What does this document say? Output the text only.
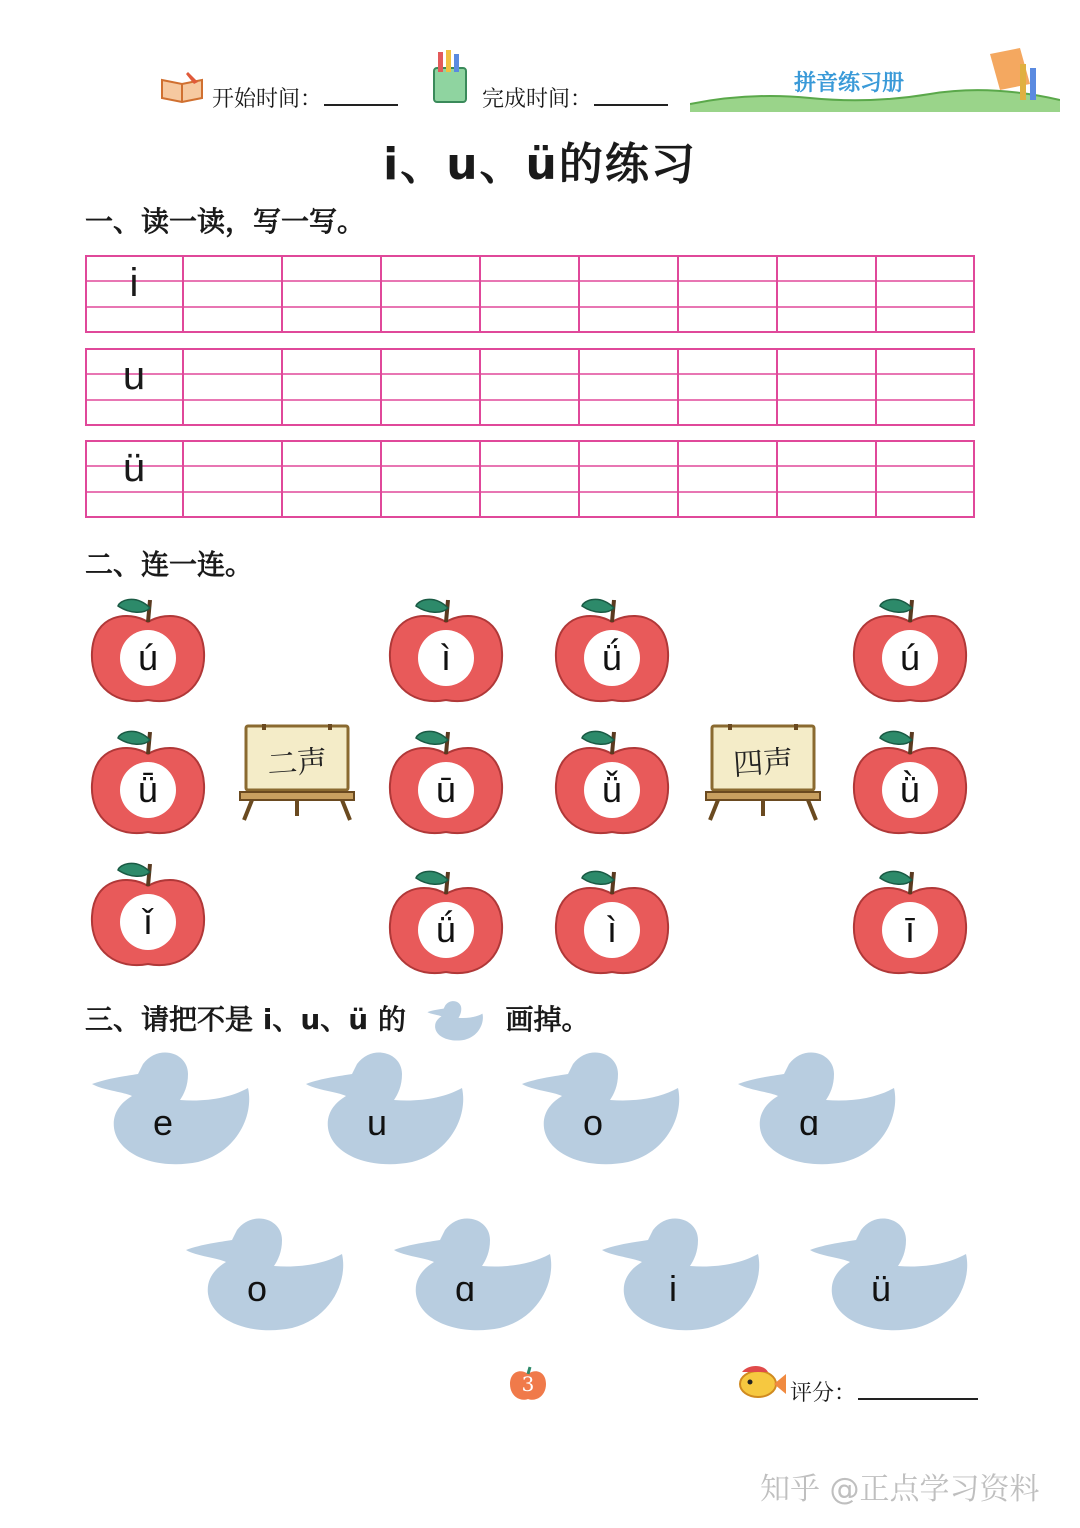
开始时间：	完成时间：
拼音练习册
i、u、ü的练习
一、读一读，写一写。
i
u
ü
二、连一连。
ú	ì	ǘ	ú
ǖ
二声
ū	ǚ
四声
ǜ
ǐ	ǘ	ì	ī
三、请把不是 i、u、ü 的	画掉。
e	u	o	ɑ
o	ɑ	i	ü
3	评分：
知乎 @正点学习资料
